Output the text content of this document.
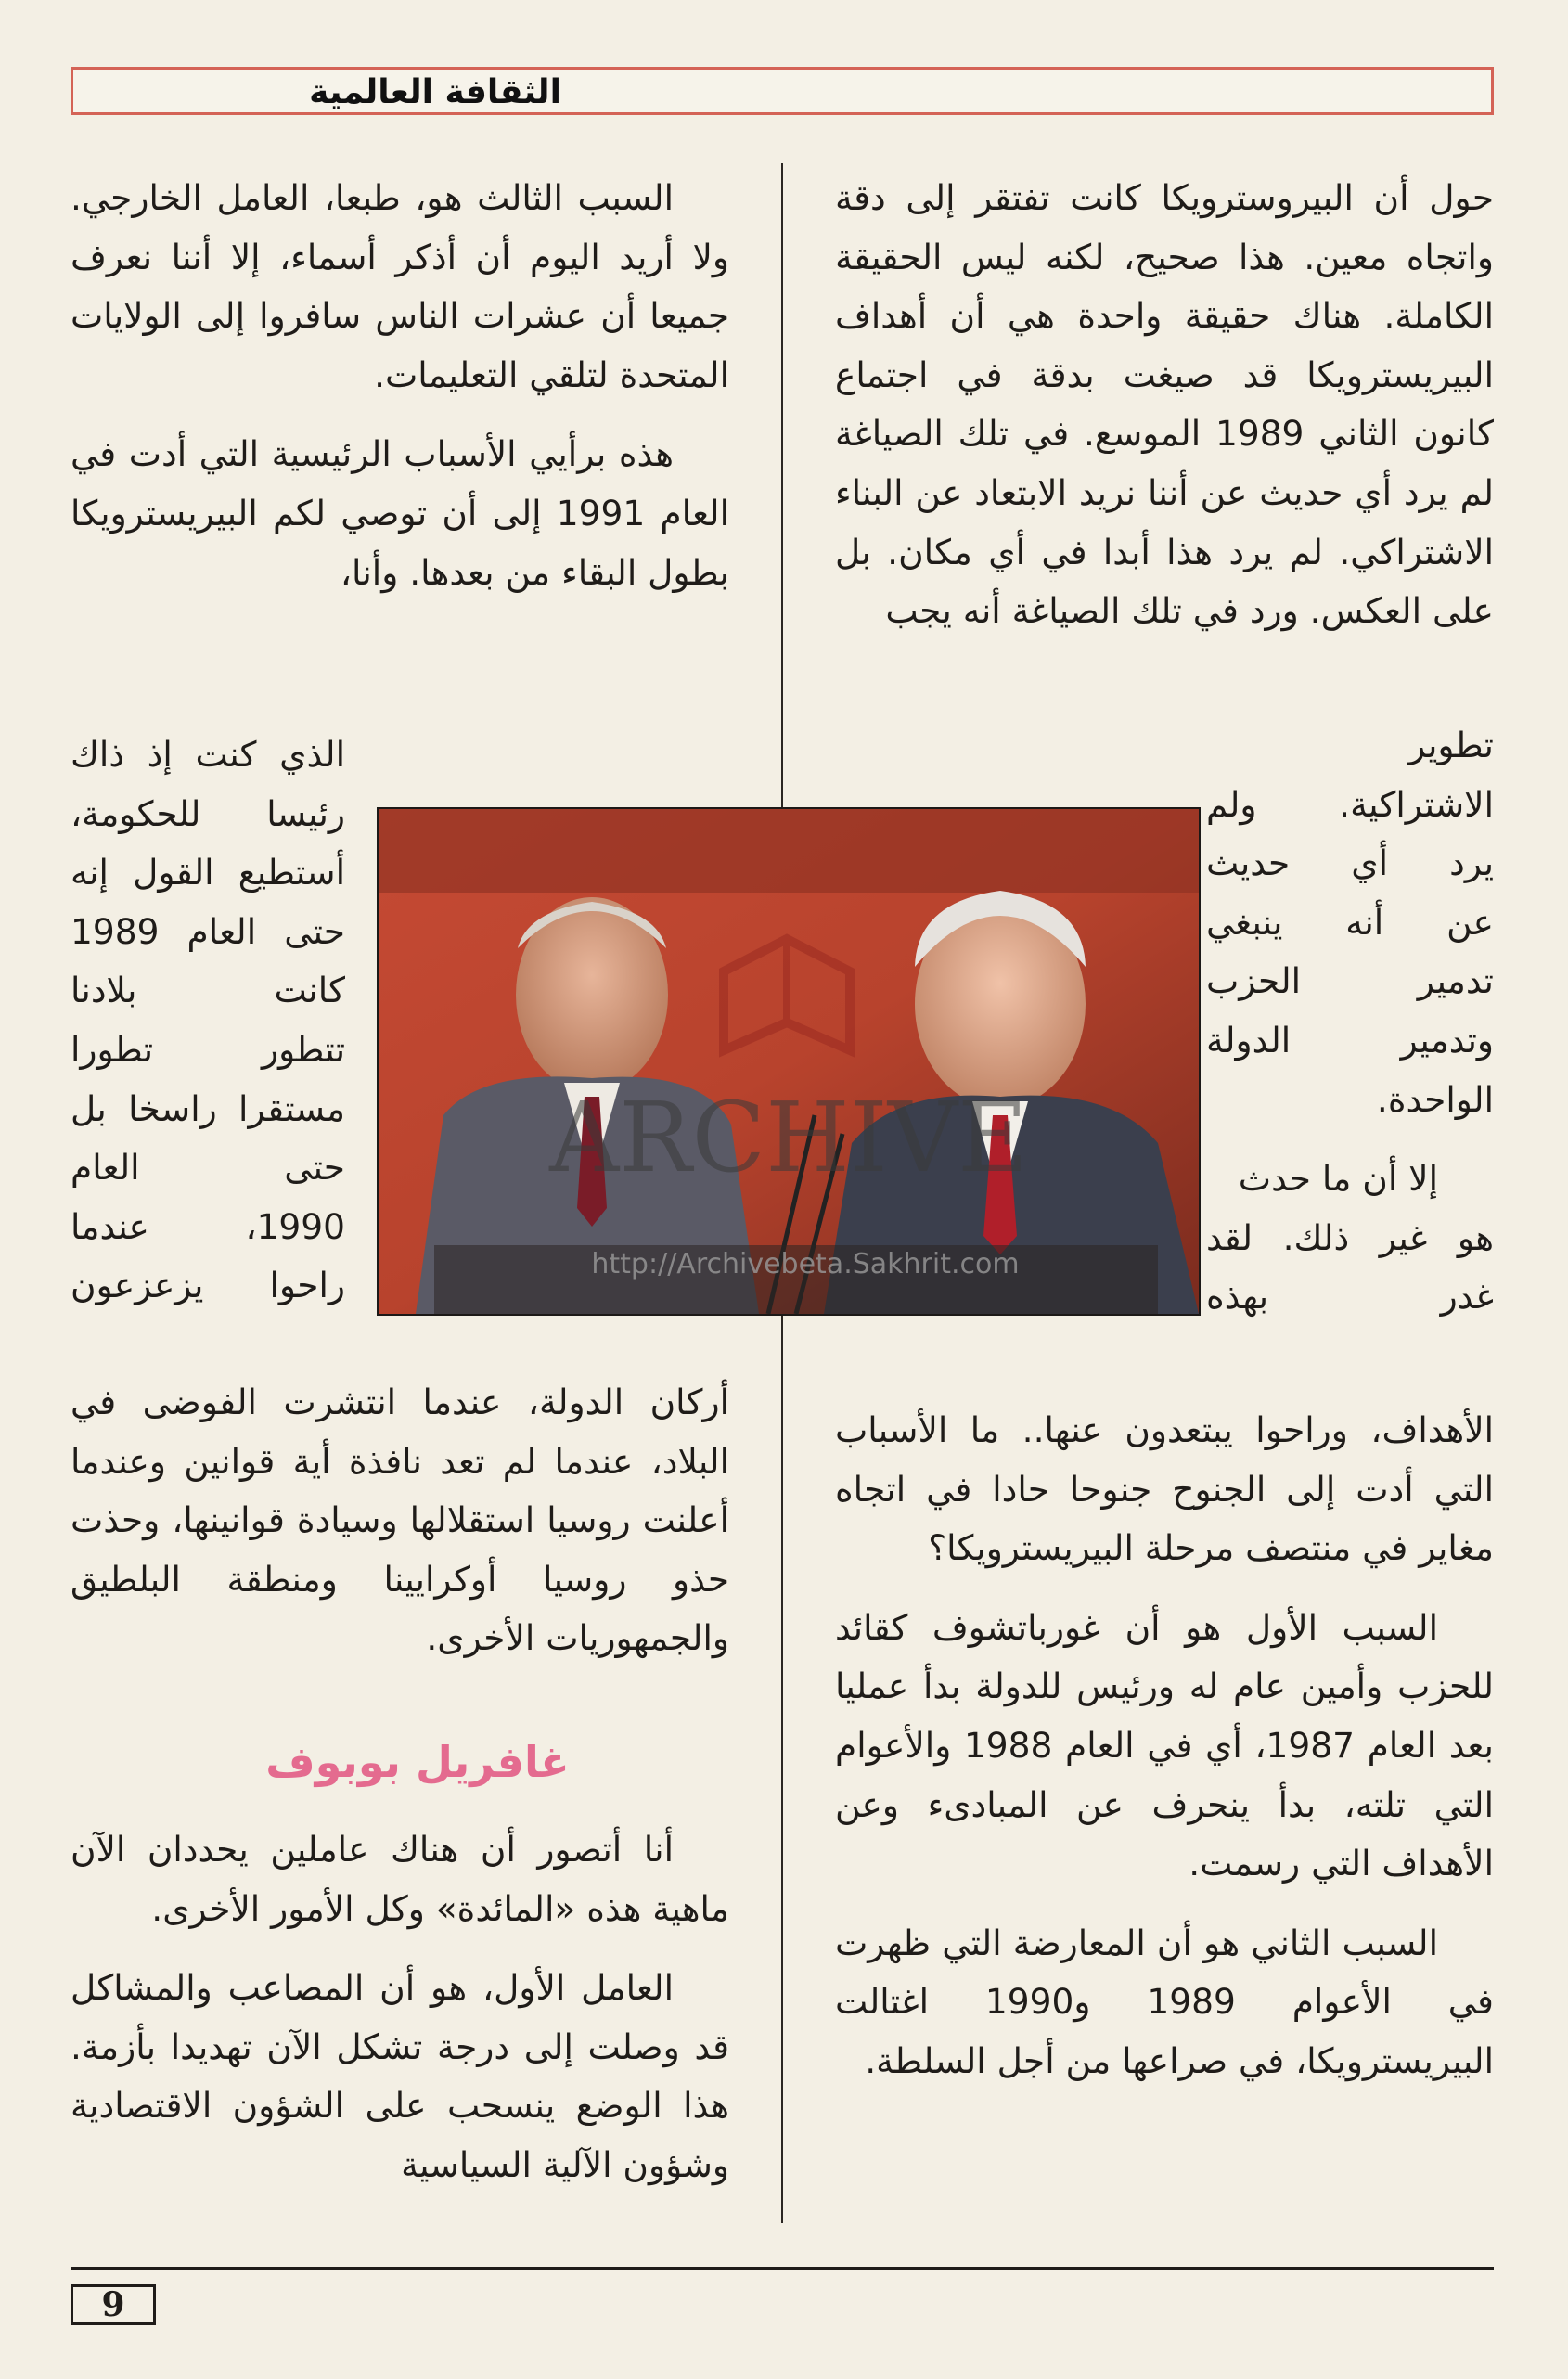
الثقافة العالمية

حول أن البيروسترويكا كانت تفتقر إلى دقة واتجاه معين. هذا صحيح، لكنه ليس الحقيقة الكاملة. هناك حقيقة واحدة هي أن أهداف البيريسترويكا قد صيغت بدقة في اجتماع كانون الثاني 1989 الموسع. في تلك الصياغة لم يرد أي حديث عن أننا نريد الابتعاد عن البناء الاشتراكي. لم يرد هذا أبدا في أي مكان. بل على العكس. ورد في تلك الصياغة أنه يجب

تطوير
الاشتراكية. ولم
يرد أي حديث
عن أنه ينبغي
تدمير الحزب
وتدمير الدولة
الواحدة.
إلا أن ما حدث
هو غير ذلك. لقد
غدر بهذه

الأهداف، وراحوا يبتعدون عنها.. ما الأسباب التي أدت إلى الجنوح جنوحا حادا في اتجاه مغاير في منتصف مرحلة البيريسترويكا؟

السبب الأول هو أن غورباتشوف كقائد للحزب وأمين عام له ورئيس للدولة بدأ عمليا بعد العام 1987، أي في العام 1988 والأعوام التي تلته، بدأ ينحرف عن المبادىء وعن الأهداف التي رسمت.

السبب الثاني هو أن المعارضة التي ظهرت في الأعوام 1989 و1990 اغتالت البيريسترويكا، في صراعها من أجل السلطة.

السبب الثالث هو، طبعا، العامل الخارجي. ولا أريد اليوم أن أذكر أسماء، إلا أننا نعرف جميعا أن عشرات الناس سافروا إلى الولايات المتحدة لتلقي التعليمات.

هذه برأيي الأسباب الرئيسية التي أدت في العام 1991 إلى أن توصي لكم البيريسترويكا بطول البقاء من بعدها. وأنا،

الذي كنت إذ ذاك
رئيسا للحكومة،
أستطيع القول إنه
حتى العام 1989
كانت بلادنا
تتطور تطورا
مستقرا راسخا بل
حتى العام
1990، عندما
راحوا يزعزعون

أركان الدولة، عندما انتشرت الفوضى في البلاد، عندما لم تعد نافذة أية قوانين وعندما أعلنت روسيا استقلالها وسيادة قوانينها، وحذت حذو روسيا أوكرايينا ومنطقة البلطيق والجمهوريات الأخرى.

غافريل بوبوف

أنا أتصور أن هناك عاملين يحددان الآن ماهية هذه «المائدة» وكل الأمور الأخرى.

العامل الأول، هو أن المصاعب والمشاكل قد وصلت إلى درجة تشكل الآن تهديدا بأزمة. هذا الوضع ينسحب على الشؤون الاقتصادية وشؤون الآلية السياسية

ARCHIVE
http://Archivebeta.Sakhrit.com
9
